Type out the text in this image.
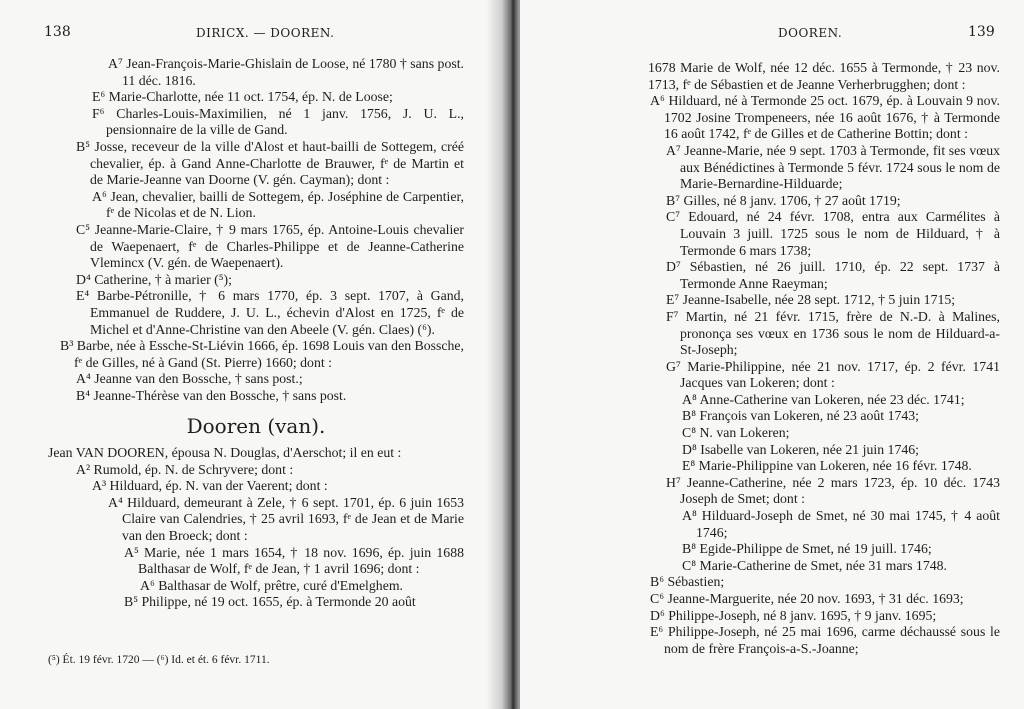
138	DIRICX. — DOOREN.

A⁷ Jean-François-Marie-Ghislain de Loose, né 1780 † sans post. 11 déc. 1816.

E⁶ Marie-Charlotte, née 11 oct. 1754, ép. N. de Loose;

F⁶ Charles-Louis-Maximilien, né 1 janv. 1756, J. U. L., pensionnaire de la ville de Gand.

B⁵ Josse, receveur de la ville d'Alost et haut-bailli de Sottegem, créé chevalier, ép. à Gand Anne-Charlotte de Brauwer, fᵉ de Martin et de Marie-Jeanne van Doorne (V. gén. Cayman); dont :

A⁶ Jean, chevalier, bailli de Sottegem, ép. Joséphine de Carpentier, fᵉ de Nicolas et de N. Lion.

C⁵ Jeanne-Marie-Claire, † 9 mars 1765, ép. Antoine-Louis chevalier de Waepenaert, fᵉ de Charles-Philippe et de Jeanne-Catherine Vlemincx (V. gén. de Waepenaert).

D⁴ Catherine, † à marier (⁵);

E⁴ Barbe-Pétronille, † 6 mars 1770, ép. 3 sept. 1707, à Gand, Emmanuel de Ruddere, J. U. L., échevin d'Alost en 1725, fᵉ de Michel et d'Anne-Christine van den Abeele (V. gén. Claes) (⁶).

B³ Barbe, née à Essche-St-Liévin 1666, ép. 1698 Louis van den Bossche, fᵉ de Gilles, né à Gand (St. Pierre) 1660; dont :

A⁴ Jeanne van den Bossche, † sans post.;

B⁴ Jeanne-Thérèse van den Bossche, † sans post.

Dooren (van).

Jean VAN DOOREN, épousa N. Douglas, d'Aerschot; il en eut :

A² Rumold, ép. N. de Schryvere; dont :

A³ Hilduard, ép. N. van der Vaerent; dont :

A⁴ Hilduard, demeurant à Zele, † 6 sept. 1701, ép. 6 juin 1653 Claire van Calendries, † 25 avril 1693, fᵉ de Jean et de Marie van den Broeck; dont :

A⁵ Marie, née 1 mars 1654, † 18 nov. 1696, ép. juin 1688 Balthasar de Wolf, fᵉ de Jean, † 1 avril 1696; dont :

A⁶ Balthasar de Wolf, prêtre, curé d'Emelghem.

B⁵ Philippe, né 19 oct. 1655, ép. à Termonde 20 août

(⁵) Ét. 19 févr. 1720 — (⁶) Id. et ét. 6 févr. 1711.
DOOREN.	139

1678 Marie de Wolf, née 12 déc. 1655 à Termonde, † 23 nov. 1713, fᵉ de Sébastien et de Jeanne Verherbrugghen; dont :

A⁶ Hilduard, né à Termonde 25 oct. 1679, ép. à Louvain 9 nov. 1702 Josine Trompeneers, née 16 août 1676, † à Termonde 16 août 1742, fᵉ de Gilles et de Catherine Bottin; dont :

A⁷ Jeanne-Marie, née 9 sept. 1703 à Termonde, fit ses vœux aux Bénédictines à Termonde 5 févr. 1724 sous le nom de Marie-Bernardine-Hilduarde;

B⁷ Gilles, né 8 janv. 1706, † 27 août 1719;

C⁷ Edouard, né 24 févr. 1708, entra aux Carmélites à Louvain 3 juill. 1725 sous le nom de Hilduard, † à Termonde 6 mars 1738;

D⁷ Sébastien, né 26 juill. 1710, ép. 22 sept. 1737 à Termonde Anne Raeyman;

E⁷ Jeanne-Isabelle, née 28 sept. 1712, † 5 juin 1715;

F⁷ Martin, né 21 févr. 1715, frère de N.-D. à Malines, prononça ses vœux en 1736 sous le nom de Hilduard-a-St-Joseph;

G⁷ Marie-Philippine, née 21 nov. 1717, ép. 2 févr. 1741 Jacques van Lokeren; dont :

A⁸ Anne-Catherine van Lokeren, née 23 déc. 1741;

B⁸ François van Lokeren, né 23 août 1743;

C⁸ N. van Lokeren;

D⁸ Isabelle van Lokeren, née 21 juin 1746;

E⁸ Marie-Philippine van Lokeren, née 16 févr. 1748.

H⁷ Jeanne-Catherine, née 2 mars 1723, ép. 10 déc. 1743 Joseph de Smet; dont :

A⁸ Hilduard-Joseph de Smet, né 30 mai 1745, † 4 août 1746;

B⁸ Egide-Philippe de Smet, né 19 juill. 1746;

C⁸ Marie-Catherine de Smet, née 31 mars 1748.

B⁶ Sébastien;

C⁶ Jeanne-Marguerite, née 20 nov. 1693, † 31 déc. 1693;

D⁶ Philippe-Joseph, né 8 janv. 1695, † 9 janv. 1695;

E⁶ Philippe-Joseph, né 25 mai 1696, carme déchaussé sous le nom de frère François-a-S.-Joanne;
